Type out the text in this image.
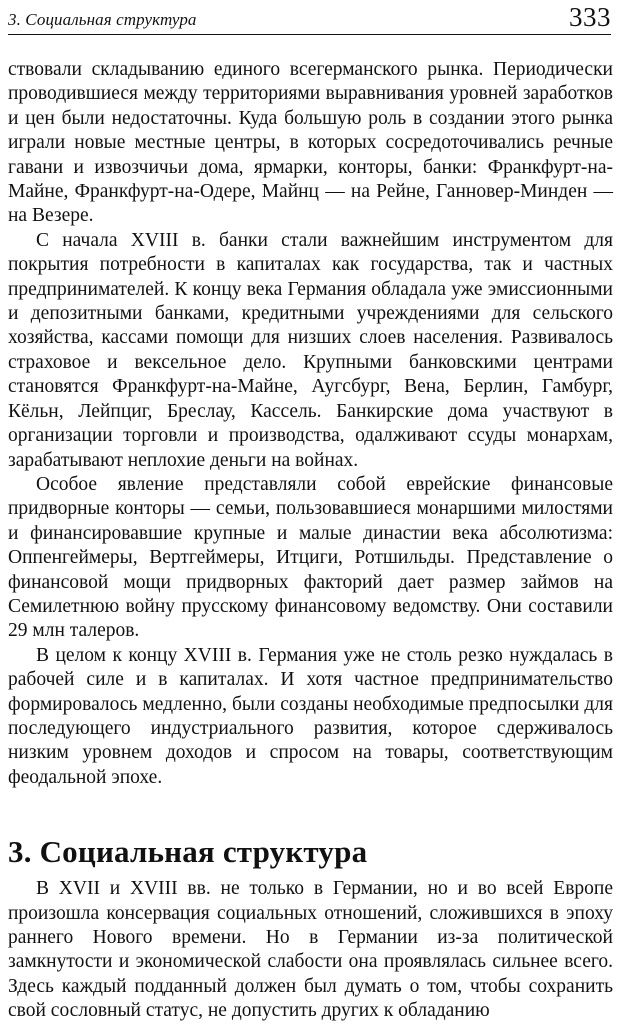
3. Социальная структура	333

ствовали складыванию единого всегерманского рынка. Периодически проводившиеся между территориями выравнивания уровней заработков и цен были недостаточны. Куда большую роль в создании этого рынка играли новые местные центры, в которых сосредоточивались речные гавани и извозчичьи дома, ярмарки, конторы, банки: Франкфурт-на-Майне, Франкфурт-на-Одере, Майнц — на Рейне, Ганновер-Минден — на Везере.

С начала XVIII в. банки стали важнейшим инструментом для покрытия потребности в капиталах как государства, так и частных предпринимателей. К концу века Германия обладала уже эмиссионными и депозитными банками, кредитными учреждениями для сельского хозяйства, кассами помощи для низших слоев населения. Развивалось страховое и вексельное дело. Крупными банковскими центрами становятся Франкфурт-на-Майне, Аугсбург, Вена, Берлин, Гамбург, Кёльн, Лейпциг, Бреслау, Кассель. Банкирские дома участвуют в организации торговли и производства, одалживают ссуды монархам, зарабатывают неплохие деньги на войнах.

Особое явление представляли собой еврейские финансовые придворные конторы — семьи, пользовавшиеся монаршими милостями и финансировавшие крупные и малые династии века абсолютизма: Оппенгеймеры, Вертгеймеры, Итциги, Ротшильды. Представление о финансовой мощи придворных факторий дает размер займов на Семилетнюю войну прусскому финансовому ведомству. Они составили 29 млн талеров.

В целом к концу XVIII в. Германия уже не столь резко нуждалась в рабочей силе и в капиталах. И хотя частное предпринимательство формировалось медленно, были созданы необходимые предпосылки для последующего индустриального развития, которое сдерживалось низким уровнем доходов и спросом на товары, соответствующим феодальной эпохе.

3. Социальная структура

В XVII и XVIII вв. не только в Германии, но и во всей Европе произошла консервация социальных отношений, сложившихся в эпоху раннего Нового времени. Но в Германии из-за политической замкнутости и экономической слабости она проявлялась сильнее всего. Здесь каждый подданный должен был думать о том, чтобы сохранить свой сословный статус, не допустить других к обладанию
